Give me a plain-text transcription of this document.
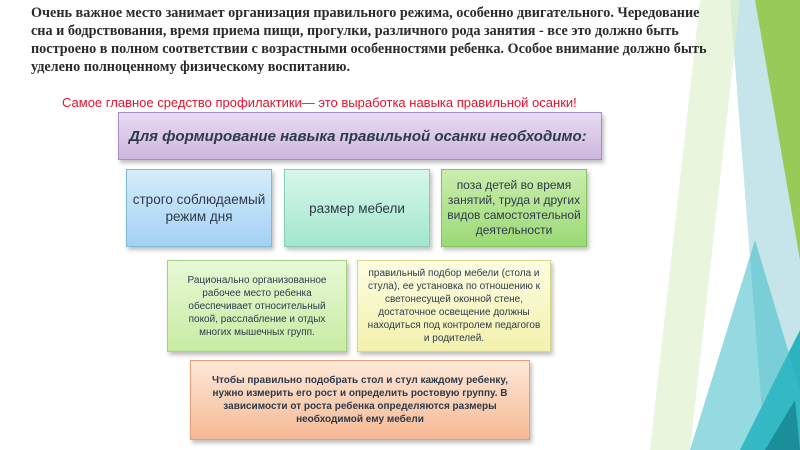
Очень важное место занимает организация правильного режима, особенно двигательного. Чередование сна и бодрствования, время приема пищи, прогулки, различного рода занятия - все это должно быть построено в полном соответствии с возрастными особенностями ребенка. Особое внимание должно быть уделено полноценному физическому воспитанию.

Самое главное средство профилактики— это выработка навыка правильной осанки!

Для формирование навыка правильной осанки необходимо:
строго соблюдаемый режим дня
размер мебели
поза детей во время занятий, труда и других видов самостоятельной деятельности
Рационально организованное рабочее место ребенка обеспечивает относительный покой, расслабление и отдых многих мышечных групп.
правильный подбор мебели (стола и стула), ее установка по отношению к светонесущей оконной стене, достаточное освещение должны находиться под контролем педагогов и родителей.
Чтобы правильно подобрать стол и стул каждому ребенку, нужно измерить его рост и определить ростовую группу. В зависимости от роста ребенка определяются размеры необходимой ему мебели
